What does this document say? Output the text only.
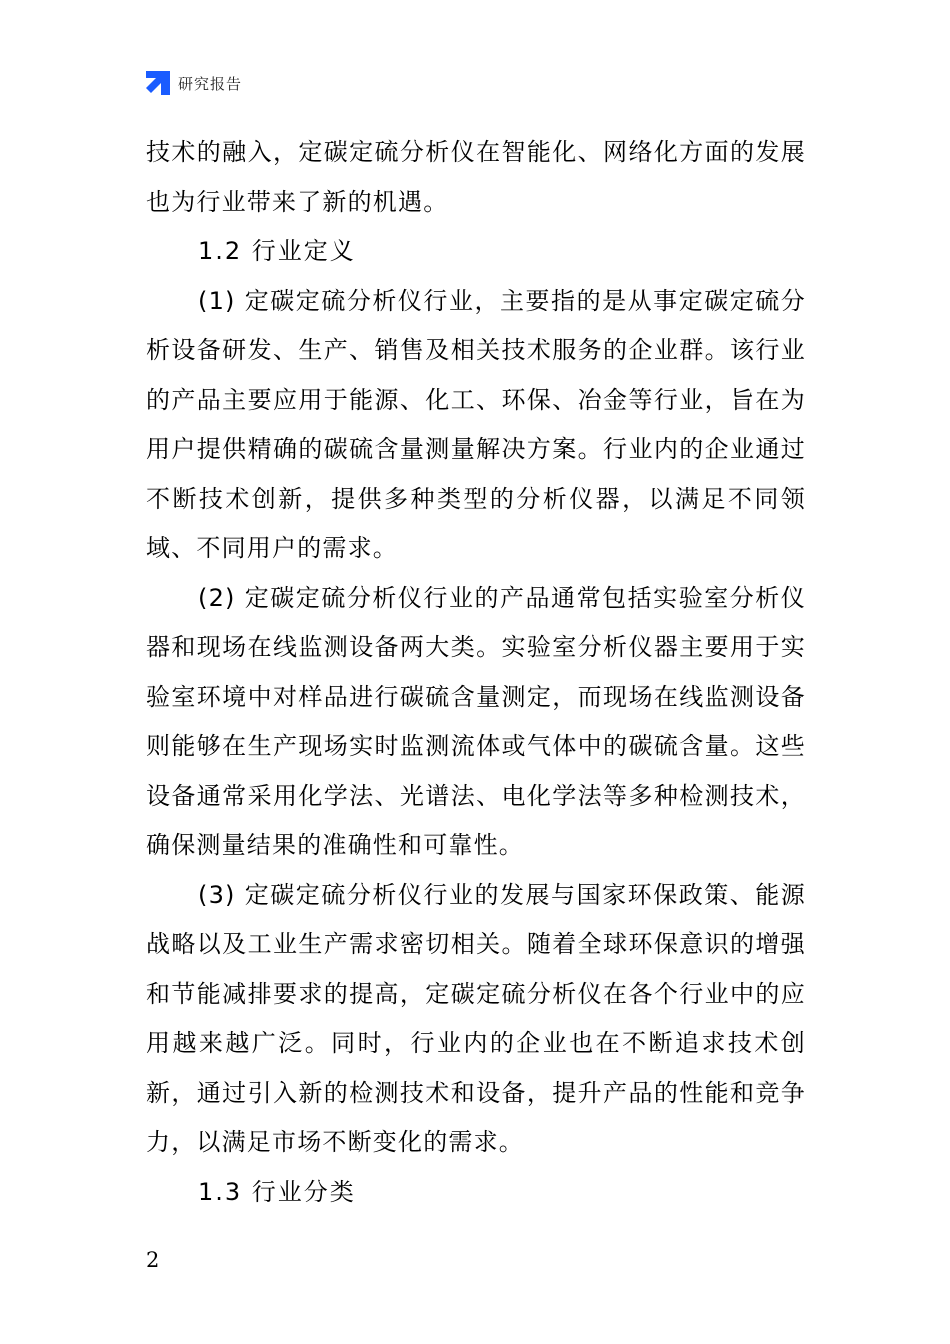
研究报告

技术的融入，定碳定硫分析仪在智能化、网络化方面的发展也为行业带来了新的机遇。

1.2 行业定义

(1) 定碳定硫分析仪行业，主要指的是从事定碳定硫分析设备研发、生产、销售及相关技术服务的企业群。该行业的产品主要应用于能源、化工、环保、冶金等行业，旨在为用户提供精确的碳硫含量测量解决方案。行业内的企业通过不断技术创新，提供多种类型的分析仪器，以满足不同领域、不同用户的需求。

(2) 定碳定硫分析仪行业的产品通常包括实验室分析仪器和现场在线监测设备两大类。实验室分析仪器主要用于实验室环境中对样品进行碳硫含量测定，而现场在线监测设备则能够在生产现场实时监测流体或气体中的碳硫含量。这些设备通常采用化学法、光谱法、电化学法等多种检测技术，确保测量结果的准确性和可靠性。

(3) 定碳定硫分析仪行业的发展与国家环保政策、能源战略以及工业生产需求密切相关。随着全球环保意识的增强和节能减排要求的提高，定碳定硫分析仪在各个行业中的应用越来越广泛。同时，行业内的企业也在不断追求技术创新，通过引入新的检测技术和设备，提升产品的性能和竞争力，以满足市场不断变化的需求。

1.3 行业分类

2
